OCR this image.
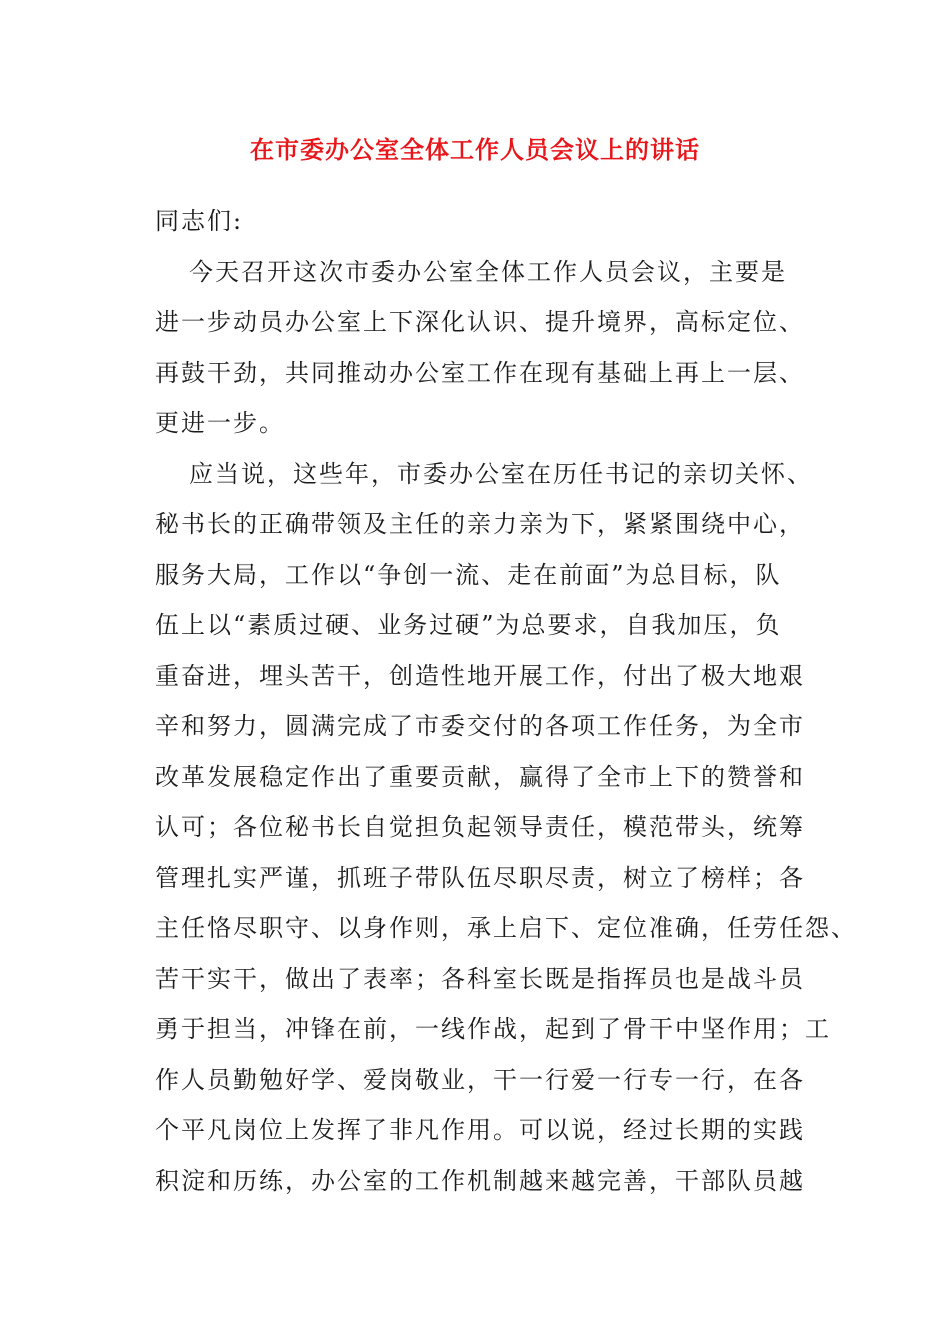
在市委办公室全体工作人员会议上的讲话

同志们:

今天召开这次市委办公室全体工作人员会议，主要是
进一步动员办公室上下深化认识、提升境界，高标定位、
再鼓干劲，共同推动办公室工作在现有基础上再上一层、
更进一步。
应当说，这些年，市委办公室在历任书记的亲切关怀、
秘书长的正确带领及主任的亲力亲为下，紧紧围绕中心，
服务大局，工作以“争创一流、走在前面”为总目标，队
伍上以“素质过硬、业务过硬”为总要求，自我加压，负
重奋进，埋头苦干，创造性地开展工作，付出了极大地艰
辛和努力，圆满完成了市委交付的各项工作任务，为全市
改革发展稳定作出了重要贡献，赢得了全市上下的赞誉和
认可；各位秘书长自觉担负起领导责任，模范带头，统筹
管理扎实严谨，抓班子带队伍尽职尽责，树立了榜样；各
主任恪尽职守、以身作则，承上启下、定位准确，任劳任怨、
苦干实干，做出了表率；各科室长既是指挥员也是战斗员
勇于担当，冲锋在前，一线作战，起到了骨干中坚作用；工
作人员勤勉好学、爱岗敬业，干一行爱一行专一行，在各
个平凡岗位上发挥了非凡作用。可以说，经过长期的实践
积淀和历练，办公室的工作机制越来越完善，干部队员越
